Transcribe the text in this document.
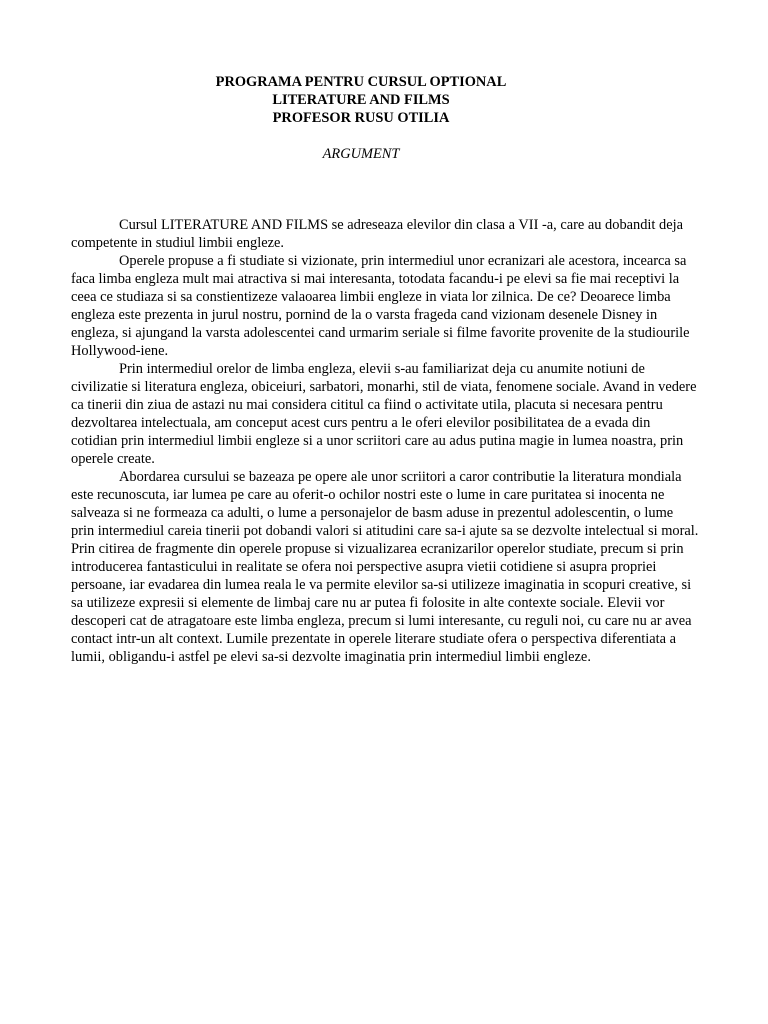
PROGRAMA PENTRU CURSUL OPTIONAL
LITERATURE AND FILMS
PROFESOR RUSU OTILIA
ARGUMENT

Cursul LITERATURE AND FILMS se adreseaza elevilor din clasa a VII -a, care au dobandit deja competente in studiul limbii engleze.

Operele propuse a fi studiate si vizionate, prin intermediul unor ecranizari ale acestora, incearca sa faca limba engleza mult mai atractiva si mai interesanta, totodata facandu-i pe elevi sa fie mai receptivi la ceea ce studiaza si sa constientizeze valaoarea limbii engleze in viata lor zilnica. De ce? Deoarece limba engleza este prezenta in jurul nostru, pornind de la o varsta frageda cand vizionam desenele Disney in engleza, si ajungand la varsta adolescentei cand urmarim seriale si filme favorite provenite de la studiourile Hollywood-iene.

Prin intermediul orelor de limba engleza, elevii s-au familiarizat deja cu anumite notiuni de civilizatie si literatura engleza, obiceiuri, sarbatori, monarhi, stil de viata, fenomene sociale. Avand in vedere ca tinerii din ziua de astazi nu mai considera cititul ca fiind o activitate utila, placuta si necesara pentru dezvoltarea intelectuala, am conceput acest curs pentru a le oferi elevilor posibilitatea de a evada din cotidian prin intermediul limbii engleze si a unor scriitori care au adus putina magie in lumea noastra, prin operele create.

Abordarea cursului se bazeaza pe opere ale unor scriitori a caror contributie la literatura mondiala este recunoscuta, iar lumea pe care au oferit-o ochilor nostri este o lume in care puritatea si inocenta ne salveaza si ne formeaza ca adulti, o lume a personajelor de basm aduse in prezentul adolescentin, o lume prin intermediul careia tinerii pot dobandi valori si atitudini care sa-i ajute sa se dezvolte intelectual si moral. Prin citirea de fragmente din operele propuse si vizualizarea ecranizarilor operelor studiate, precum si prin introducerea fantasticului in realitate se ofera noi perspective asupra vietii cotidiene si asupra propriei persoane, iar evadarea din lumea reala le va permite elevilor sa-si utilizeze imaginatia in scopuri creative, si sa utilizeze expresii si elemente de limbaj care nu ar putea fi folosite in alte contexte sociale. Elevii vor descoperi cat de atragatoare este limba engleza, precum si lumi interesante, cu reguli noi, cu care nu ar avea contact intr-un alt context. Lumile prezentate in operele literare studiate ofera o perspectiva diferentiata a lumii, obligandu-i astfel pe elevi sa-si dezvolte imaginatia prin intermediul limbii engleze.
